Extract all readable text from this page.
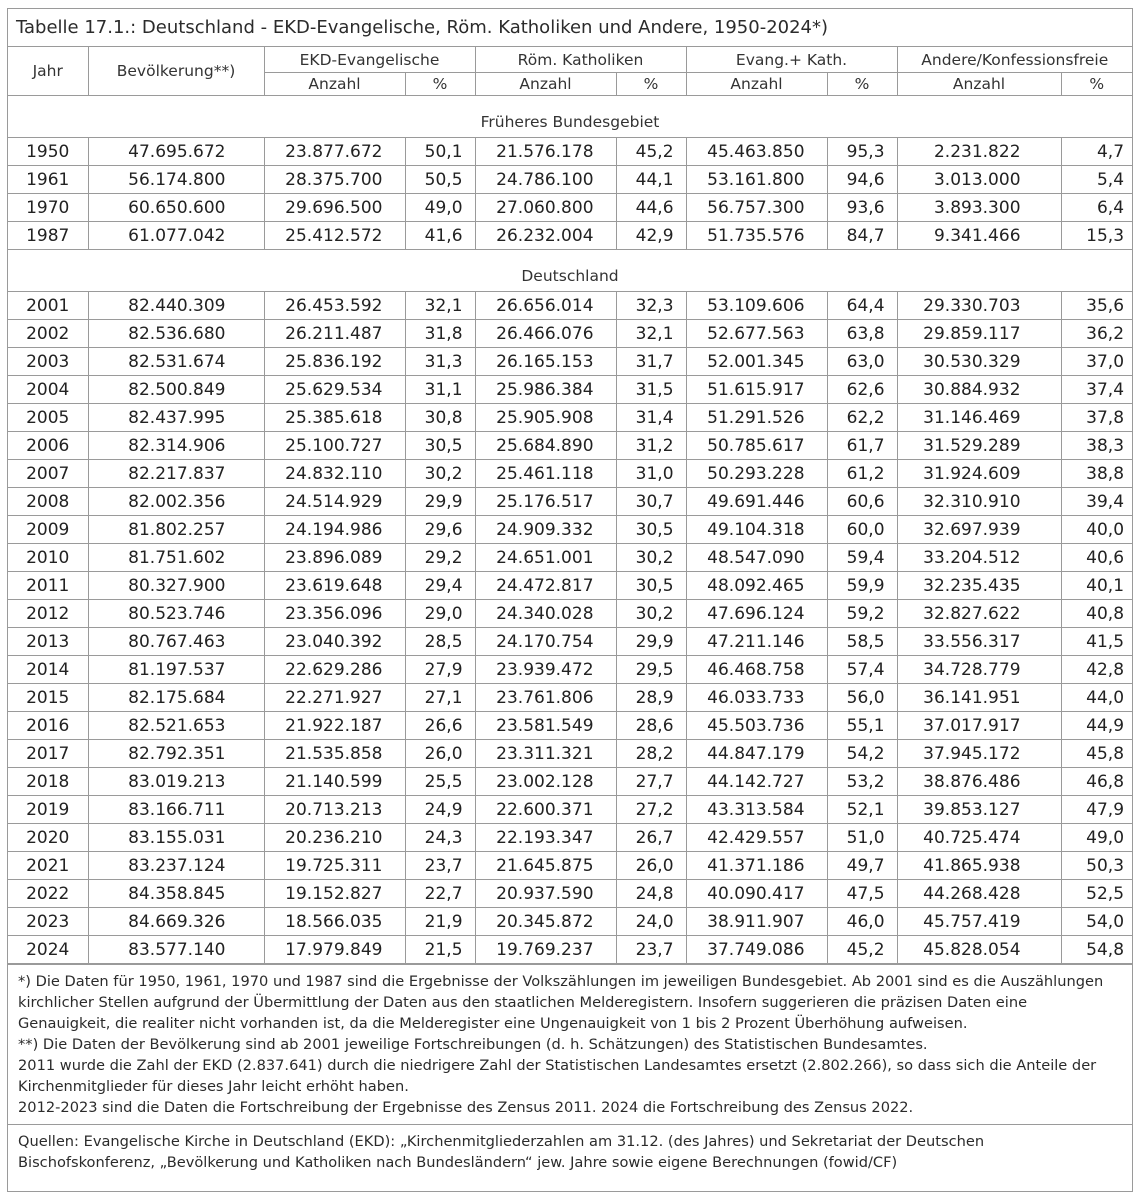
Tabelle 17.1.: Deutschland - EKD-Evangelische, Röm. Katholiken und Andere, 1950-2024*)
Jahr	Bevölkerung**)	EKD-Evangelische		Röm. Katholiken		Evang.+ Kath.		Andere/Konfessionsfreie	
		Anzahl	%	Anzahl	%	Anzahl	%	Anzahl	%
Früheres Bundesgebiet									
1950	47.695.672	23.877.672	50,1	21.576.178	45,2	45.463.850	95,3	2.231.822	4,7
1961	56.174.800	28.375.700	50,5	24.786.100	44,1	53.161.800	94,6	3.013.000	5,4
1970	60.650.600	29.696.500	49,0	27.060.800	44,6	56.757.300	93,6	3.893.300	6,4
1987	61.077.042	25.412.572	41,6	26.232.004	42,9	51.735.576	84,7	9.341.466	15,3
Deutschland									
2001	82.440.309	26.453.592	32,1	26.656.014	32,3	53.109.606	64,4	29.330.703	35,6
2002	82.536.680	26.211.487	31,8	26.466.076	32,1	52.677.563	63,8	29.859.117	36,2
2003	82.531.674	25.836.192	31,3	26.165.153	31,7	52.001.345	63,0	30.530.329	37,0
2004	82.500.849	25.629.534	31,1	25.986.384	31,5	51.615.917	62,6	30.884.932	37,4
2005	82.437.995	25.385.618	30,8	25.905.908	31,4	51.291.526	62,2	31.146.469	37,8
2006	82.314.906	25.100.727	30,5	25.684.890	31,2	50.785.617	61,7	31.529.289	38,3
2007	82.217.837	24.832.110	30,2	25.461.118	31,0	50.293.228	61,2	31.924.609	38,8
2008	82.002.356	24.514.929	29,9	25.176.517	30,7	49.691.446	60,6	32.310.910	39,4
2009	81.802.257	24.194.986	29,6	24.909.332	30,5	49.104.318	60,0	32.697.939	40,0
2010	81.751.602	23.896.089	29,2	24.651.001	30,2	48.547.090	59,4	33.204.512	40,6
2011	80.327.900	23.619.648	29,4	24.472.817	30,5	48.092.465	59,9	32.235.435	40,1
2012	80.523.746	23.356.096	29,0	24.340.028	30,2	47.696.124	59,2	32.827.622	40,8
2013	80.767.463	23.040.392	28,5	24.170.754	29,9	47.211.146	58,5	33.556.317	41,5
2014	81.197.537	22.629.286	27,9	23.939.472	29,5	46.468.758	57,4	34.728.779	42,8
2015	82.175.684	22.271.927	27,1	23.761.806	28,9	46.033.733	56,0	36.141.951	44,0
2016	82.521.653	21.922.187	26,6	23.581.549	28,6	45.503.736	55,1	37.017.917	44,9
2017	82.792.351	21.535.858	26,0	23.311.321	28,2	44.847.179	54,2	37.945.172	45,8
2018	83.019.213	21.140.599	25,5	23.002.128	27,7	44.142.727	53,2	38.876.486	46,8
2019	83.166.711	20.713.213	24,9	22.600.371	27,2	43.313.584	52,1	39.853.127	47,9
2020	83.155.031	20.236.210	24,3	22.193.347	26,7	42.429.557	51,0	40.725.474	49,0
2021	83.237.124	19.725.311	23,7	21.645.875	26,0	41.371.186	49,7	41.865.938	50,3
2022	84.358.845	19.152.827	22,7	20.937.590	24,8	40.090.417	47,5	44.268.428	52,5
2023	84.669.326	18.566.035	21,9	20.345.872	24,0	38.911.907	46,0	45.757.419	54,0
2024	83.577.140	17.979.849	21,5	19.769.237	23,7	37.749.086	45,2	45.828.054	54,8

*) Die Daten für 1950, 1961, 1970 und 1987 sind die Ergebnisse der Volkszählungen im jeweiligen Bundesgebiet. Ab 2001 sind es die Auszählungen kirchlicher Stellen aufgrund der Übermittlung der Daten aus den staatlichen Melderegistern. Insofern suggerieren die präzisen Daten eine Genauigkeit, die realiter nicht vorhanden ist, da die Melderegister eine Ungenauigkeit von 1 bis 2 Prozent Überhöhung aufweisen.

**) Die Daten der Bevölkerung sind ab 2001 jeweilige Fortschreibungen (d. h. Schätzungen) des Statistischen Bundesamtes.

2011 wurde die Zahl der EKD (2.837.641) durch die niedrigere Zahl der Statistischen Landesamtes ersetzt (2.802.266), so dass sich die Anteile der Kirchenmitglieder für dieses Jahr leicht erhöht haben.

2012-2023 sind die Daten die Fortschreibung der Ergebnisse des Zensus 2011. 2024 die Fortschreibung des Zensus 2022.

Quellen: Evangelische Kirche in Deutschland (EKD): „Kirchenmitgliederzahlen am 31.12. (des Jahres) und Sekretariat der Deutschen Bischofskonferenz, „Bevölkerung und Katholiken nach Bundesländern“ jew. Jahre sowie eigene Berechnungen (fowid/CF)
